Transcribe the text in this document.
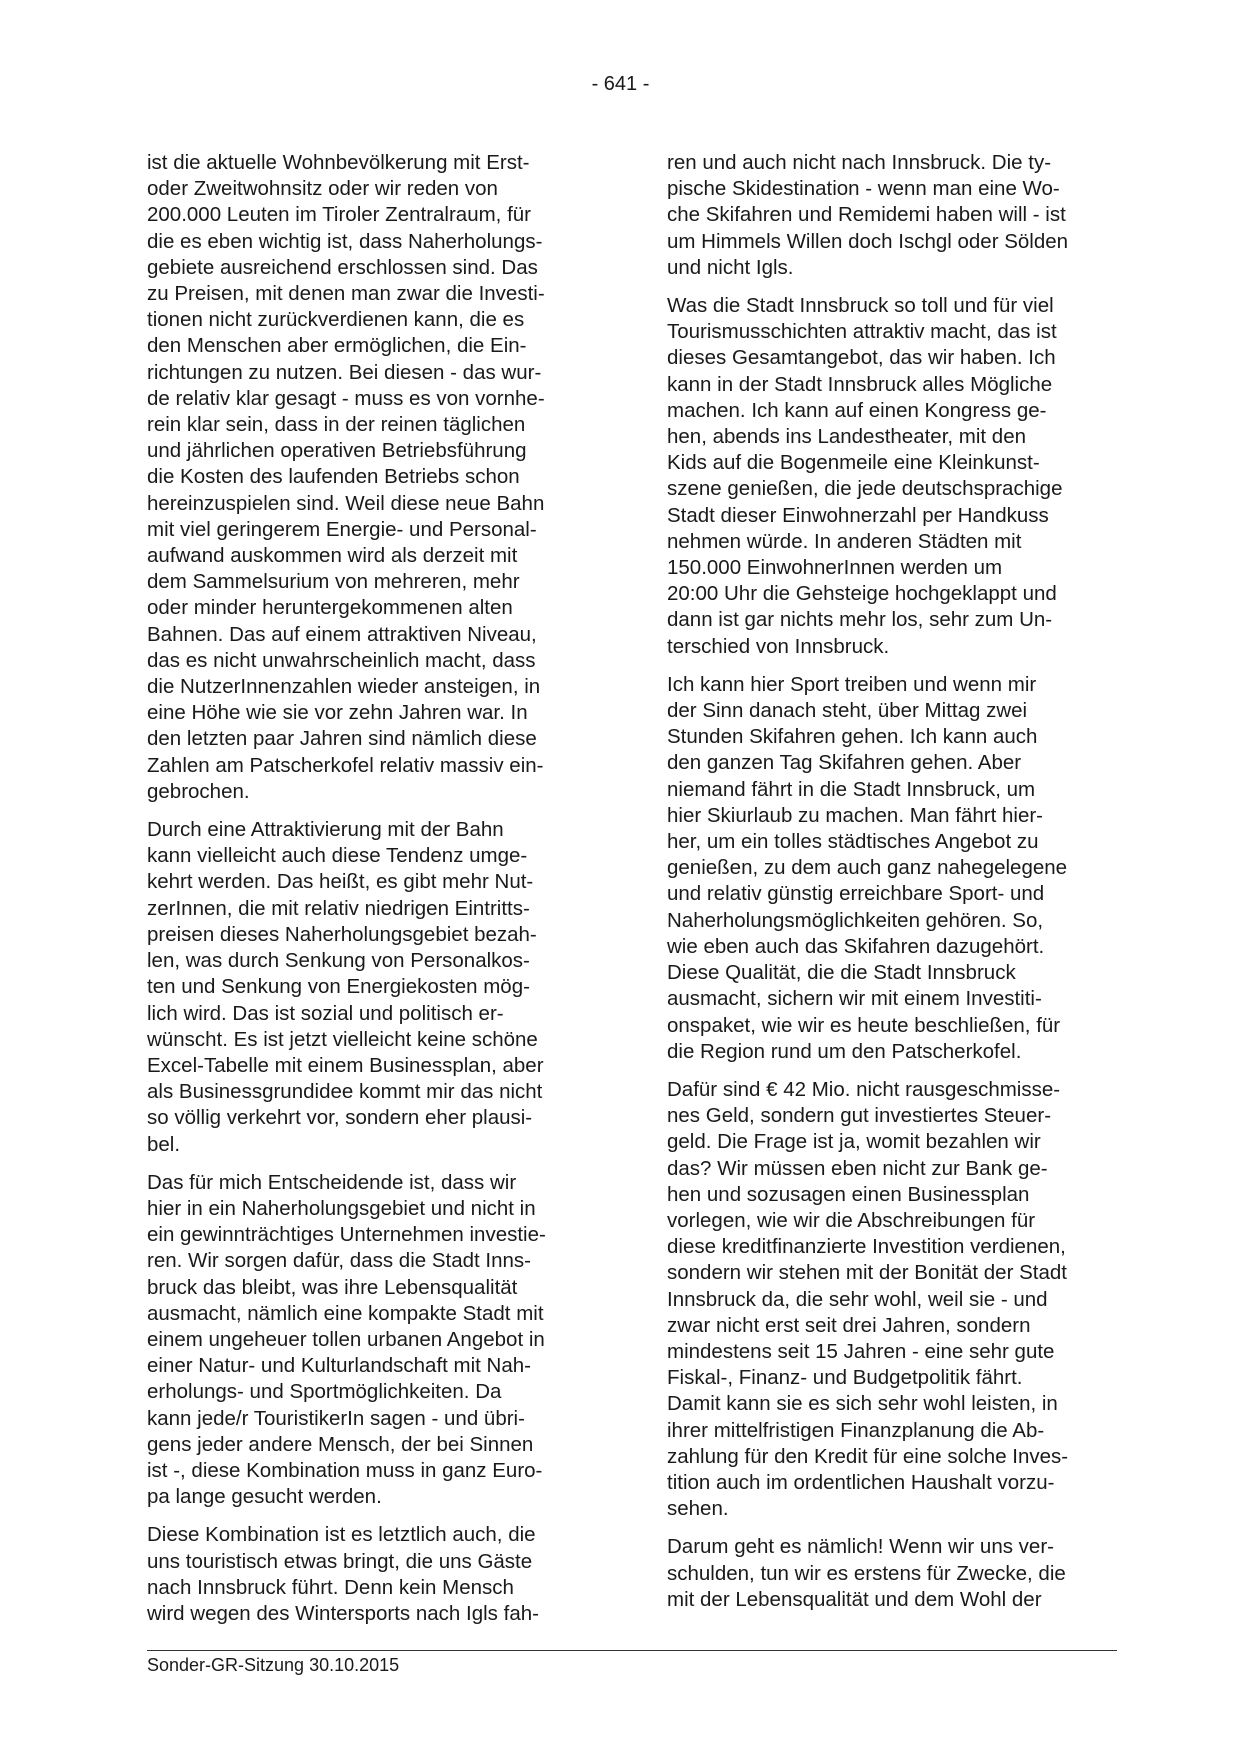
- 641 -
ist die aktuelle Wohnbevölkerung mit Erst-
oder Zweitwohnsitz oder wir reden von
200.000 Leuten im Tiroler Zentralraum, für
die es eben wichtig ist, dass Naherholungs-
gebiete ausreichend erschlossen sind. Das
zu Preisen, mit denen man zwar die Investi-
tionen nicht zurückverdienen kann, die es
den Menschen aber ermöglichen, die Ein-
richtungen zu nutzen. Bei diesen - das wur-
de relativ klar gesagt - muss es von vornhe-
rein klar sein, dass in der reinen täglichen
und jährlichen operativen Betriebsführung
die Kosten des laufenden Betriebs schon
hereinzuspielen sind. Weil diese neue Bahn
mit viel geringerem Energie- und Personal-
aufwand auskommen wird als derzeit mit
dem Sammelsurium von mehreren, mehr
oder minder heruntergekommenen alten
Bahnen. Das auf einem attraktiven Niveau,
das es nicht unwahrscheinlich macht, dass
die NutzerInnenzahlen wieder ansteigen, in
eine Höhe wie sie vor zehn Jahren war. In
den letzten paar Jahren sind nämlich diese
Zahlen am Patscherkofel relativ massiv ein-
gebrochen.
Durch eine Attraktivierung mit der Bahn
kann vielleicht auch diese Tendenz umge-
kehrt werden. Das heißt, es gibt mehr Nut-
zerInnen, die mit relativ niedrigen Eintritts-
preisen dieses Naherholungsgebiet bezah-
len, was durch Senkung von Personalkos-
ten und Senkung von Energiekosten mög-
lich wird. Das ist sozial und politisch er-
wünscht. Es ist jetzt vielleicht keine schöne
Excel-Tabelle mit einem Businessplan, aber
als Businessgrundidee kommt mir das nicht
so völlig verkehrt vor, sondern eher plausi-
bel.
Das für mich Entscheidende ist, dass wir
hier in ein Naherholungsgebiet und nicht in
ein gewinnträchtiges Unternehmen investie-
ren. Wir sorgen dafür, dass die Stadt Inns-
bruck das bleibt, was ihre Lebensqualität
ausmacht, nämlich eine kompakte Stadt mit
einem ungeheuer tollen urbanen Angebot in
einer Natur- und Kulturlandschaft mit Nah-
erholungs- und Sportmöglichkeiten. Da
kann jede/r TouristikerIn sagen - und übri-
gens jeder andere Mensch, der bei Sinnen
ist -, diese Kombination muss in ganz Euro-
pa lange gesucht werden.
Diese Kombination ist es letztlich auch, die
uns touristisch etwas bringt, die uns Gäste
nach Innsbruck führt. Denn kein Mensch
wird wegen des Wintersports nach Igls fah-
ren und auch nicht nach Innsbruck. Die ty-
pische Skidestination - wenn man eine Wo-
che Skifahren und Remidemi haben will - ist
um Himmels Willen doch Ischgl oder Sölden
und nicht Igls.
Was die Stadt Innsbruck so toll und für viel
Tourismusschichten attraktiv macht, das ist
dieses Gesamtangebot, das wir haben. Ich
kann in der Stadt Innsbruck alles Mögliche
machen. Ich kann auf einen Kongress ge-
hen, abends ins Landestheater, mit den
Kids auf die Bogenmeile eine Kleinkunst-
szene genießen, die jede deutschsprachige
Stadt dieser Einwohnerzahl per Handkuss
nehmen würde. In anderen Städten mit
150.000 EinwohnerInnen werden um
20:00 Uhr die Gehsteige hochgeklappt und
dann ist gar nichts mehr los, sehr zum Un-
terschied von Innsbruck.
Ich kann hier Sport treiben und wenn mir
der Sinn danach steht, über Mittag zwei
Stunden Skifahren gehen. Ich kann auch
den ganzen Tag Skifahren gehen. Aber
niemand fährt in die Stadt Innsbruck, um
hier Skiurlaub zu machen. Man fährt hier-
her, um ein tolles städtisches Angebot zu
genießen, zu dem auch ganz nahegelegene
und relativ günstig erreichbare Sport- und
Naherholungsmöglichkeiten gehören. So,
wie eben auch das Skifahren dazugehört.
Diese Qualität, die die Stadt Innsbruck
ausmacht, sichern wir mit einem Investiti-
onspaket, wie wir es heute beschließen, für
die Region rund um den Patscherkofel.
Dafür sind € 42 Mio. nicht rausgeschmisse-
nes Geld, sondern gut investiertes Steuer-
geld. Die Frage ist ja, womit bezahlen wir
das? Wir müssen eben nicht zur Bank ge-
hen und sozusagen einen Businessplan
vorlegen, wie wir die Abschreibungen für
diese kreditfinanzierte Investition verdienen,
sondern wir stehen mit der Bonität der Stadt
Innsbruck da, die sehr wohl, weil sie - und
zwar nicht erst seit drei Jahren, sondern
mindestens seit 15 Jahren - eine sehr gute
Fiskal-, Finanz- und Budgetpolitik fährt.
Damit kann sie es sich sehr wohl leisten, in
ihrer mittelfristigen Finanzplanung die Ab-
zahlung für den Kredit für eine solche Inves-
tition auch im ordentlichen Haushalt vorzu-
sehen.
Darum geht es nämlich! Wenn wir uns ver-
schulden, tun wir es erstens für Zwecke, die
mit der Lebensqualität und dem Wohl der
Sonder-GR-Sitzung 30.10.2015
